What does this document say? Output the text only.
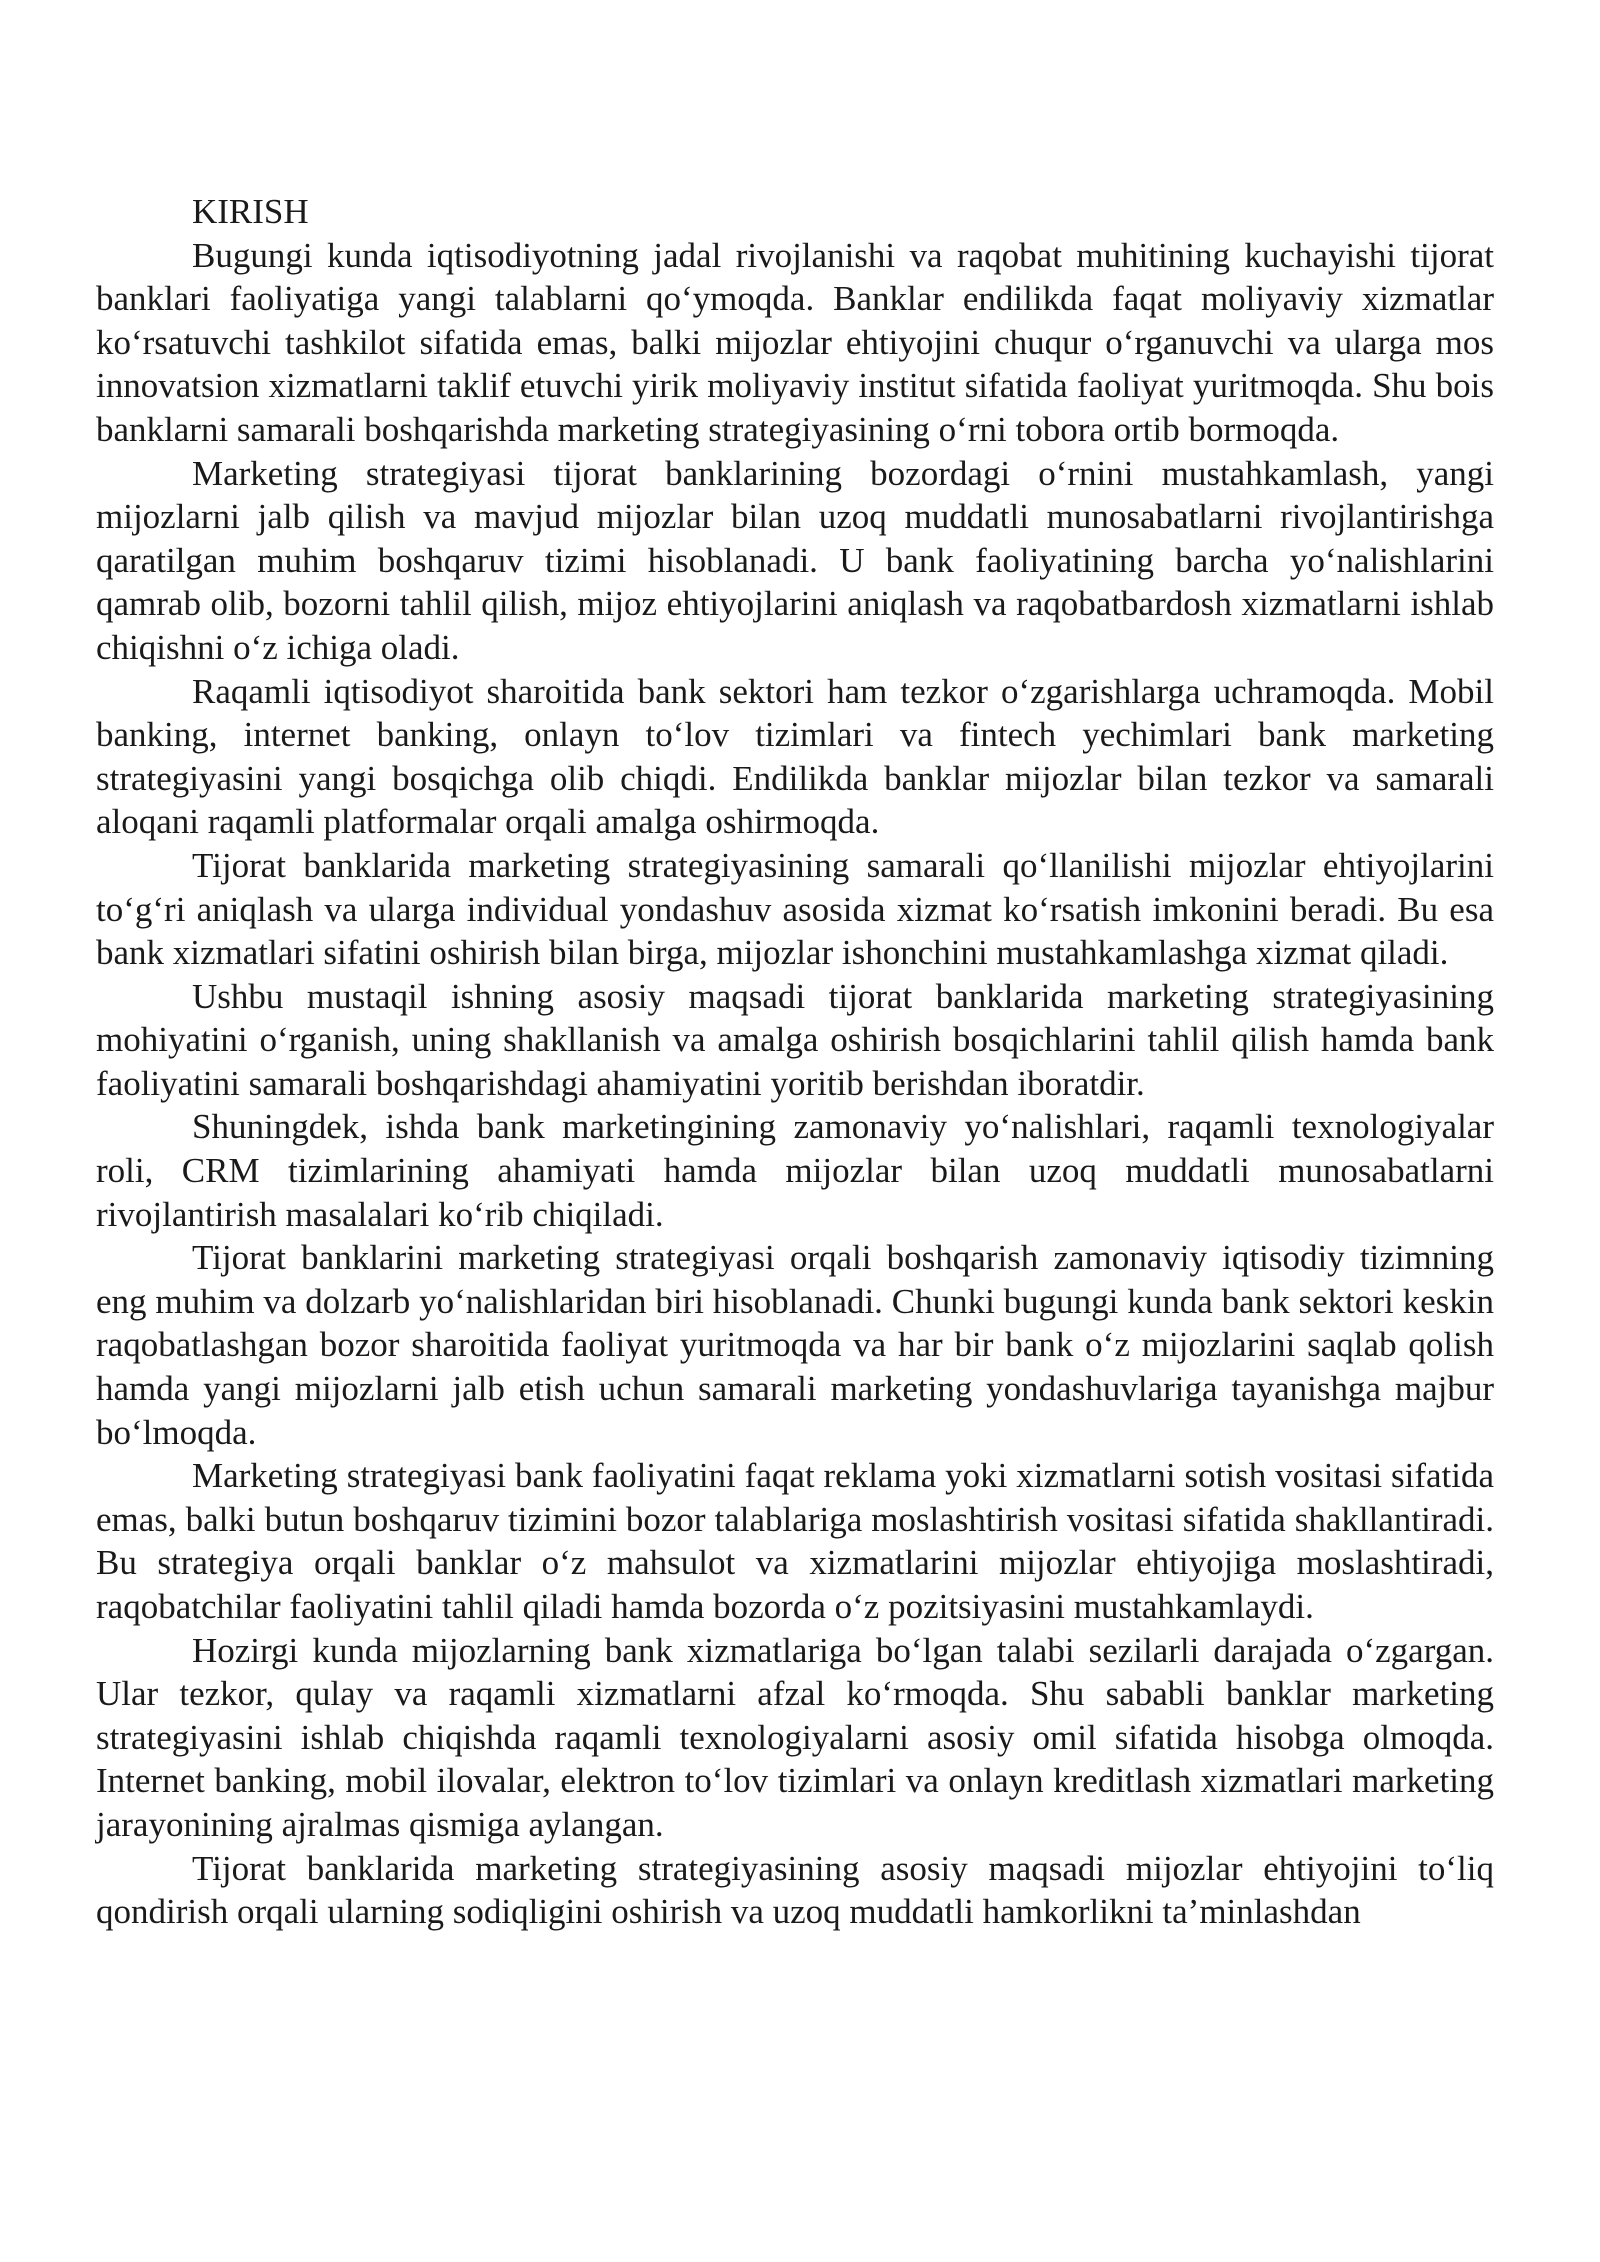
KIRISH

Bugungi kunda iqtisodiyotning jadal rivojlanishi va raqobat muhitining kuchayishi tijorat banklari faoliyatiga yangi talablarni qo‘ymoqda. Banklar endilikda faqat moliyaviy xizmatlar ko‘rsatuvchi tashkilot sifatida emas, balki mijozlar ehtiyojini chuqur o‘rganuvchi va ularga mos innovatsion xizmatlarni taklif etuvchi yirik moliyaviy institut sifatida faoliyat yuritmoqda. Shu bois banklarni samarali boshqarishda marketing strategiyasining o‘rni tobora ortib bormoqda.

Marketing strategiyasi tijorat banklarining bozordagi o‘rnini mustahkamlash, yangi mijozlarni jalb qilish va mavjud mijozlar bilan uzoq muddatli munosabatlarni rivojlantirishga qaratilgan muhim boshqaruv tizimi hisoblanadi. U bank faoliyatining barcha yo‘nalishlarini qamrab olib, bozorni tahlil qilish, mijoz ehtiyojlarini aniqlash va raqobatbardosh xizmatlarni ishlab chiqishni o‘z ichiga oladi.

Raqamli iqtisodiyot sharoitida bank sektori ham tezkor o‘zgarishlarga uchramoqda. Mobil banking, internet banking, onlayn to‘lov tizimlari va fintech yechimlari bank marketing strategiyasini yangi bosqichga olib chiqdi. Endilikda banklar mijozlar bilan tezkor va samarali aloqani raqamli platformalar orqali amalga oshirmoqda.

Tijorat banklarida marketing strategiyasining samarali qo‘llanilishi mijozlar ehtiyojlarini to‘g‘ri aniqlash va ularga individual yondashuv asosida xizmat ko‘rsatish imkonini beradi. Bu esa bank xizmatlari sifatini oshirish bilan birga, mijozlar ishonchini mustahkamlashga xizmat qiladi.

Ushbu mustaqil ishning asosiy maqsadi tijorat banklarida marketing strategiyasining mohiyatini o‘rganish, uning shakllanish va amalga oshirish bosqichlarini tahlil qilish hamda bank faoliyatini samarali boshqarishdagi ahamiyatini yoritib berishdan iboratdir.

Shuningdek, ishda bank marketingining zamonaviy yo‘nalishlari, raqamli texnologiyalar roli, CRM tizimlarining ahamiyati hamda mijozlar bilan uzoq muddatli munosabatlarni rivojlantirish masalalari ko‘rib chiqiladi.

Tijorat banklarini marketing strategiyasi orqali boshqarish zamonaviy iqtisodiy tizimning eng muhim va dolzarb yo‘nalishlaridan biri hisoblanadi. Chunki bugungi kunda bank sektori keskin raqobatlashgan bozor sharoitida faoliyat yuritmoqda va har bir bank o‘z mijozlarini saqlab qolish hamda yangi mijozlarni jalb etish uchun samarali marketing yondashuvlariga tayanishga majbur bo‘lmoqda.

Marketing strategiyasi bank faoliyatini faqat reklama yoki xizmatlarni sotish vositasi sifatida emas, balki butun boshqaruv tizimini bozor talablariga moslashtirish vositasi sifatida shakllantiradi. Bu strategiya orqali banklar o‘z mahsulot va xizmatlarini mijozlar ehtiyojiga moslashtiradi, raqobatchilar faoliyatini tahlil qiladi hamda bozorda o‘z pozitsiyasini mustahkamlaydi.

Hozirgi kunda mijozlarning bank xizmatlariga bo‘lgan talabi sezilarli darajada o‘zgargan. Ular tezkor, qulay va raqamli xizmatlarni afzal ko‘rmoqda. Shu sababli banklar marketing strategiyasini ishlab chiqishda raqamli texnologiyalarni asosiy omil sifatida hisobga olmoqda. Internet banking, mobil ilovalar, elektron to‘lov tizimlari va onlayn kreditlash xizmatlari marketing jarayonining ajralmas qismiga aylangan.

Tijorat banklarida marketing strategiyasining asosiy maqsadi mijozlar ehtiyojini to‘liq qondirish orqali ularning sodiqligini oshirish va uzoq muddatli hamkorlikni ta’minlashdan
